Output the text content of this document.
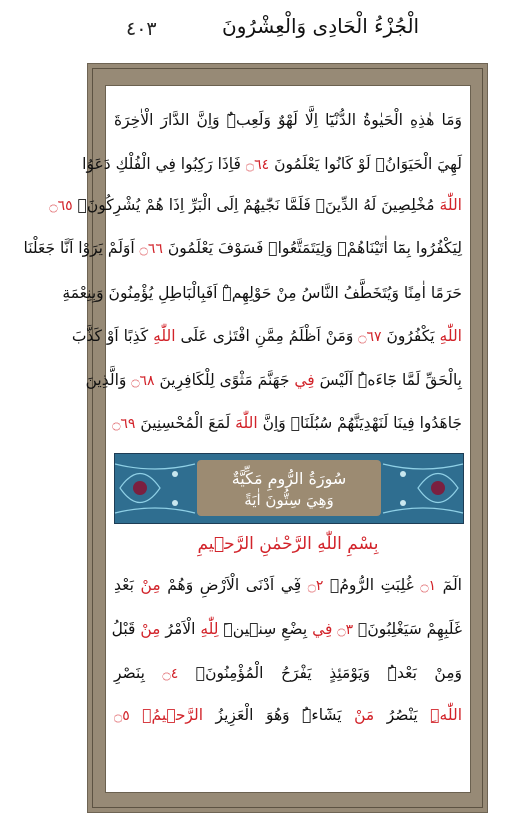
٤٠٣	الْجُزْءُ الْحَادِى وَالْعِشْرُونَ
وَمَا هٰذِهِ الْحَيٰوةُ الدُّنْيَٓا اِلَّا لَهْوٌ وَلَعِبٌۜ وَاِنَّ الدَّارَ الْاٰخِرَةَ
لَهِيَ الْحَيَوَانُۢ لَوْ كَانُوا يَعْلَمُونَ ۝٦٤ فَاِذَا رَكِبُوا فِي الْفُلْكِ دَعَوُا
اللّٰهَ مُخْلِصِينَ لَهُ الدِّينَۚ فَلَمَّا نَجّٰيهُمْ اِلَى الْبَرِّ اِذَا هُمْ يُشْرِكُونَۙ ۝٦٥
لِيَكْفُرُوا بِمَٓا اٰتَيْنَاهُمْۚ وَلِيَتَمَتَّعُواࣞ فَسَوْفَ يَعْلَمُونَ ۝٦٦ اَوَلَمْ يَرَوْا اَنَّا جَعَلْنَا
حَرَمًا اٰمِنًا وَيُتَخَطَّفُ النَّاسُ مِنْ حَوْلِهِمْۜ اَفَبِالْبَاطِلِ يُؤْمِنُونَ وَبِنِعْمَةِ
اللّٰهِ يَكْفُرُونَ ۝٦٧ وَمَنْ اَظْلَمُ مِمَّنِ افْتَرٰى عَلَى اللّٰهِ كَذِبًا اَوْ كَذَّبَ
بِالْحَقِّ لَمَّا جَٓاءَهُۜ اَلَيْسَ فِي جَهَنَّمَ مَثْوًى لِلْكَافِرِينَ ۝٦٨ وَالَّذِينَ
جَاهَدُوا فِينَا لَنَهْدِيَنَّهُمْ سُبُلَنَاۜ وَاِنَّ اللّٰهَ لَمَعَ الْمُحْسِنِينَ ۝٦٩
سُورَةُ الرُّومِ مَكِّيَّةٌ
وَهِيَ سِتُّونَ اٰيَةً
بِسْمِ اللّٰهِ الرَّحْمٰنِ الرَّح۪يمِ
الٓمٓ ۝١ غُلِبَتِ الرُّومُۙ ۝٢ فِٓي اَدْنَى الْاَرْضِ وَهُمْ مِنْ بَعْدِ
غَلَبِهِمْ سَيَغْلِبُونَۙ ۝٣ فِي بِضْعِ سِن۪ينَۜ لِلّٰهِ الْاَمْرُ مِنْ قَبْلُ
وَمِنْ بَعْدُۜ وَيَوْمَئِذٍ يَفْرَحُ الْمُؤْمِنُونَۙ ۝٤ بِنَصْرِ
اللّٰهِۜ يَنْصُرُ مَنْ يَشَٓاءُۜ وَهُوَ الْعَزِيزُ الرَّح۪يمُۙ ۝٥
